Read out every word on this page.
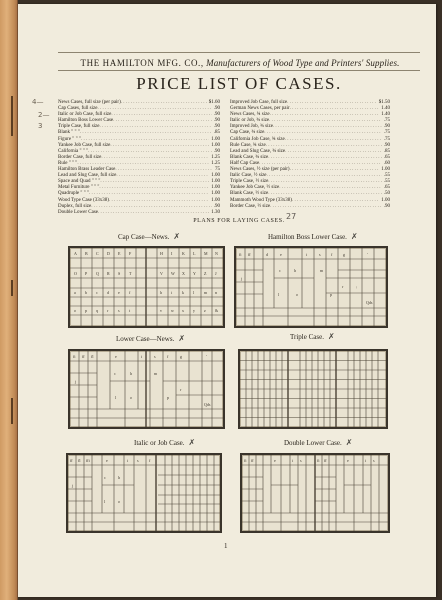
THE HAMILTON MFG. CO., Manufacturers of Wood Type and Printers' Supplies.
PRICE LIST OF CASES.
4—
2—
3
News Cases, full size (per pair) . . .	$1.60
Cap Cases, full size . . .	.90
Italic or Job Case, full size . . .	.90
Hamilton Boss Lower Case . . .	.90
Triple Case, full size . . .	.90
Blank " " " . . .	.85
Figure " " " . . .	1.00
Yankee Job Case, full size . . .	1.00
California " " " . . .	.90
Border Case, full size . . .	1.25
Rule " " " . . .	1.25
Hamilton Brass Leader Case . . .	75
Lead and Slug Case, full size . . .	1.00
Space and Quad " " " . . .	1.00
Metal Furniture " " " . . .	1.00
Quadruple " " " . . .	1.00
Wood Type Case (33x38) . . .	1.00
Duplex, full size . . .	.90
Double Lower Case . . .	1.30
Improved Job Case, full size . . .	$1.50
German News Cases, per pair . . .	1.40
News Cases, ¾ size . . .	1.40
Italic or Job, ¾ size . . .	.75
Improved Job, ¾ size . . .	.90
Cap Case, ¾ size . . .	.75
California Job Case, ¾ size . . .	.75
Rule Case, ¾ size . . .	.90
Lead and Slug Case, ¾ size . . .	.85
Blank Case, ¾ size . . .	.65
Half Cap Case . . .	.60
News Cases, ½ size (per pair) . . .	1.00
Italic Case, ½ size . . .	.55
Triple Case, ½ size . . .	.55
Yankee Job Case, ½ size . . .	.65
Blank Case, ½ size . . .	.50
Mammoth Wood Type (33x38) . . .	1.00
Border Case, ½ size . . .	.90
PLANS FOR LAYING CASES. 27
Cap Case—News. ✗	Hamilton Boss Lower Case. ✗
A B C D E F	H I K L M N
O P Q R S T	V W X Y Z J
a b c d e f	h i k l m n
o p q r s t	v w x y z &
fi ff	d	e	i	s	f	g	'
c	h	m
r	;
j
l	o	p
Qds
Lower Case—News. ✗	Triple Case. ✗
fi ff fl	e	i	s	f	g	'
c	h	m
r
j
l	o	p
Qds
Italic or Job Case. ✗	Double Lower Case. ✗
ff fl ffi	e	i s	f
c	h
j
l	o
fi ff	e	i s	fi ff	e	i s
1
